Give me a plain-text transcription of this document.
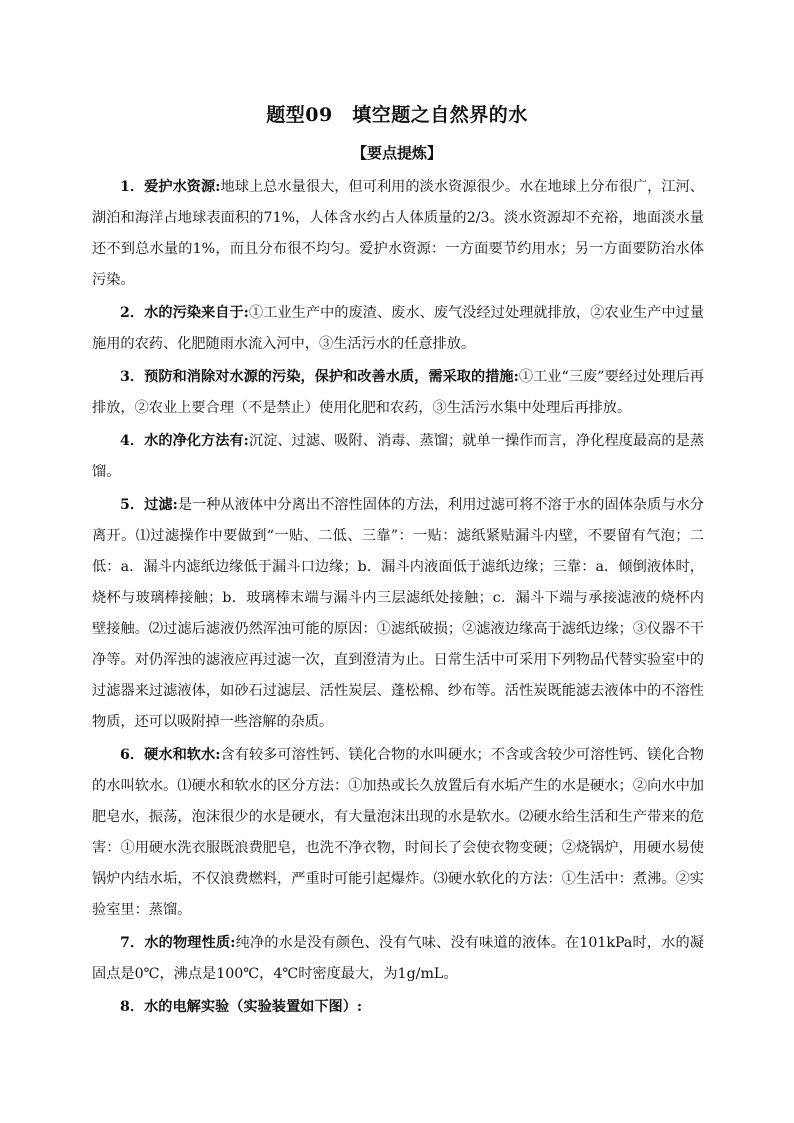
题型09　填空题之自然界的水
【要点提炼】

1．爱护水资源:地球上总水量很大，但可利用的淡水资源很少。水在地球上分布很广，江河、湖泊和海洋占地球表面积的71%，人体含水约占人体质量的2/3。淡水资源却不充裕，地面淡水量还不到总水量的1%，而且分布很不均匀。爱护水资源：一方面要节约用水；另一方面要防治水体污染。

2．水的污染来自于:①工业生产中的废渣、废水、废气没经过处理就排放，②农业生产中过量施用的农药、化肥随雨水流入河中，③生活污水的任意排放。

3．预防和消除对水源的污染，保护和改善水质，需采取的措施:①工业“三废”要经过处理后再排放，②农业上要合理（不是禁止）使用化肥和农药，③生活污水集中处理后再排放。

4．水的净化方法有:沉淀、过滤、吸附、消毒、蒸馏；就单一操作而言，净化程度最高的是蒸馏。

5．过滤:是一种从液体中分离出不溶性固体的方法，利用过滤可将不溶于水的固体杂质与水分离开。⑴过滤操作中要做到“一贴、二低、三靠”：一贴：滤纸紧贴漏斗内壁，不要留有气泡；二低：a．漏斗内滤纸边缘低于漏斗口边缘；b．漏斗内液面低于滤纸边缘；三靠：a．倾倒液体时，烧杯与玻璃棒接触；b．玻璃棒末端与漏斗内三层滤纸处接触；c．漏斗下端与承接滤液的烧杯内壁接触。⑵过滤后滤液仍然浑浊可能的原因：①滤纸破损；②滤液边缘高于滤纸边缘；③仪器不干净等。对仍浑浊的滤液应再过滤一次，直到澄清为止。日常生活中可采用下列物品代替实验室中的过滤器来过滤液体，如砂石过滤层、活性炭层、蓬松棉、纱布等。活性炭既能滤去液体中的不溶性物质，还可以吸附掉一些溶解的杂质。

6．硬水和软水:含有较多可溶性钙、镁化合物的水叫硬水；不含或含较少可溶性钙、镁化合物的水叫软水。⑴硬水和软水的区分方法：①加热或长久放置后有水垢产生的水是硬水；②向水中加肥皂水，振荡，泡沫很少的水是硬水，有大量泡沫出现的水是软水。⑵硬水给生活和生产带来的危害：①用硬水洗衣服既浪费肥皂，也洗不净衣物，时间长了会使衣物变硬；②烧锅炉，用硬水易使锅炉内结水垢，不仅浪费燃料，严重时可能引起爆炸。⑶硬水软化的方法：①生活中：煮沸。②实验室里：蒸馏。

7．水的物理性质:纯净的水是没有颜色、没有气味、没有味道的液体。在101kPa时，水的凝固点是0℃，沸点是100℃，4℃时密度最大，为1g/mL。

8．水的电解实验（实验装置如下图）:
